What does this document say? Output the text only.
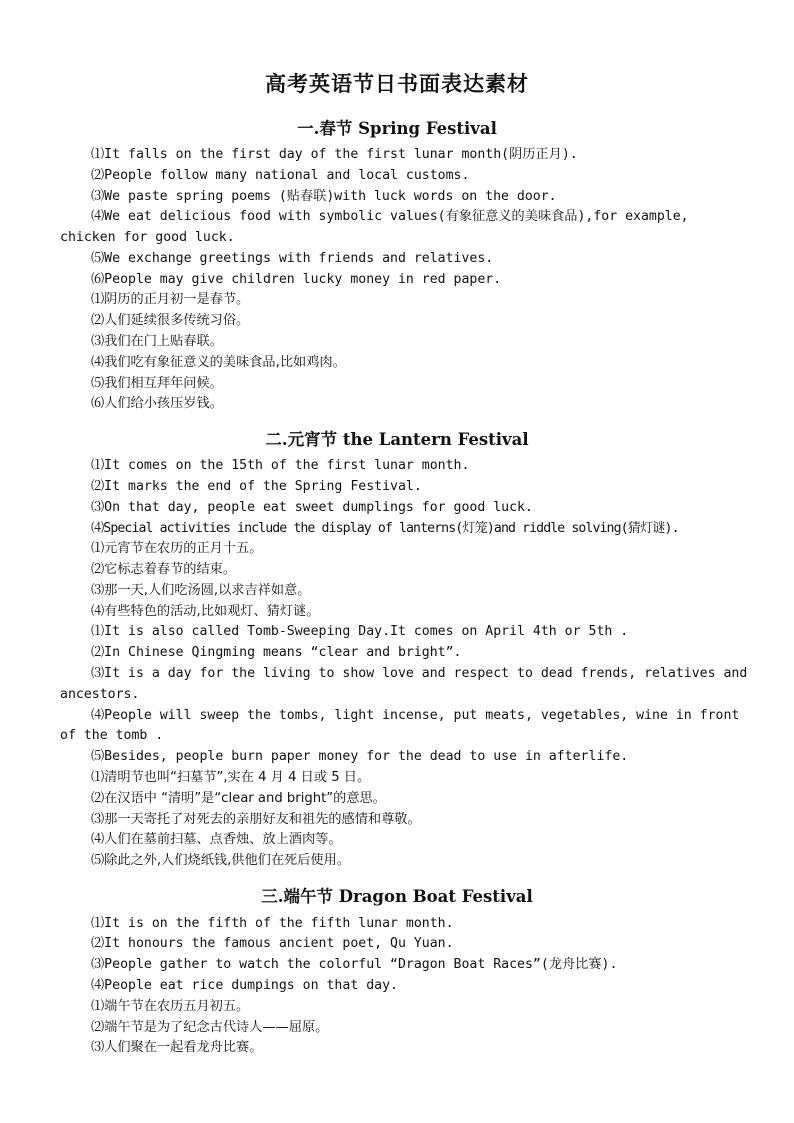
高考英语节日书面表达素材
一.春节 Spring Festival
⑴It falls on the first day of the first lunar month(阴历正月).
⑵People follow many national and local customs.
⑶We paste spring poems (贴春联)with luck words on the door.
⑷We eat delicious food with symbolic values(有象征意义的美味食品),for example,
chicken for good luck.
⑸We exchange greetings with friends and relatives.
⑹People may give children lucky money in red paper.
⑴阴历的正月初一是春节。
⑵人们延续很多传统习俗。
⑶我们在门上贴春联。
⑷我们吃有象征意义的美味食品,比如鸡肉。
⑸我们相互拜年问候。
⑹人们给小孩压岁钱。
二.元宵节 the Lantern Festival
⑴It comes on the 15th of the first lunar month.
⑵It marks the end of the Spring Festival.
⑶On that day, people eat sweet dumplings for good luck.
⑷Special activities include the display of lanterns(灯笼)and riddle solving(猜灯谜).
⑴元宵节在农历的正月十五。
⑵它标志着春节的结束。
⑶那一天,人们吃汤圆,以求吉祥如意。
⑷有些特色的活动,比如观灯、猜灯谜。
⑴It is also called Tomb-Sweeping Day.It comes on April 4th or 5th .
⑵In Chinese Qingming means “clear and bright”.
⑶It is a day for the living to show love and respect to dead frends, relatives and
ancestors.
⑷People will sweep the tombs, light incense, put meats, vegetables, wine in front
of the tomb .
⑸Besides, people burn paper money for the dead to use in afterlife.
⑴清明节也叫“扫墓节”,实在 4 月 4 日或 5 日。
⑵在汉语中 “清明”是“clear and bright”的意思。
⑶那一天寄托了对死去的亲朋好友和祖先的感情和尊敬。
⑷人们在墓前扫墓、点香烛、放上酒肉等。
⑸除此之外,人们烧纸钱,供他们在死后使用。
三.端午节 Dragon Boat Festival
⑴It is on the fifth of the fifth lunar month.
⑵It honours the famous ancient poet, Qu Yuan.
⑶People gather to watch the colorful “Dragon Boat Races”(龙舟比赛).
⑷People eat rice dumpings on that day.
⑴端午节在农历五月初五。
⑵端午节是为了纪念古代诗人——屈原。
⑶人们聚在一起看龙舟比赛。
